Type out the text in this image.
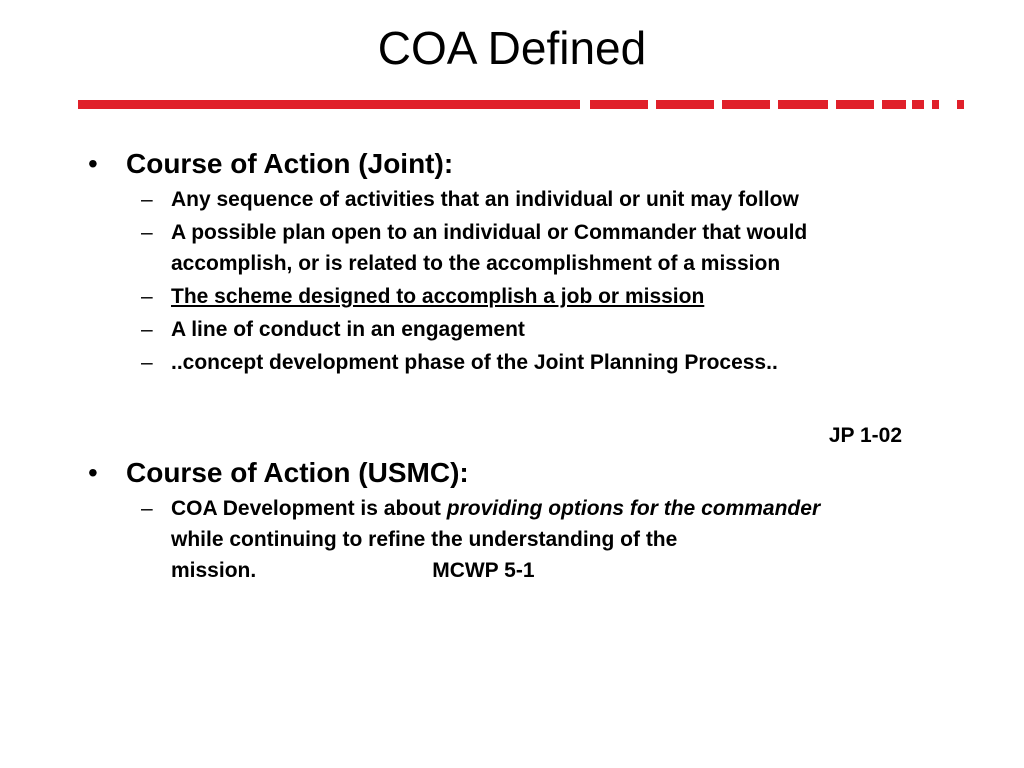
COA Defined
• Course of Action (Joint):
– Any sequence of activities that an individual or unit may follow
– A possible plan open to an individual or Commander that would accomplish, or is related to the accomplishment of a mission
– The scheme designed to accomplish a job or mission
– A line of conduct in an engagement
– ..concept development phase of the Joint Planning Process..
JP 1-02
• Course of Action (USMC):
– COA Development is about providing options for the commander while continuing to refine the understanding of the mission.	MCWP 5-1
